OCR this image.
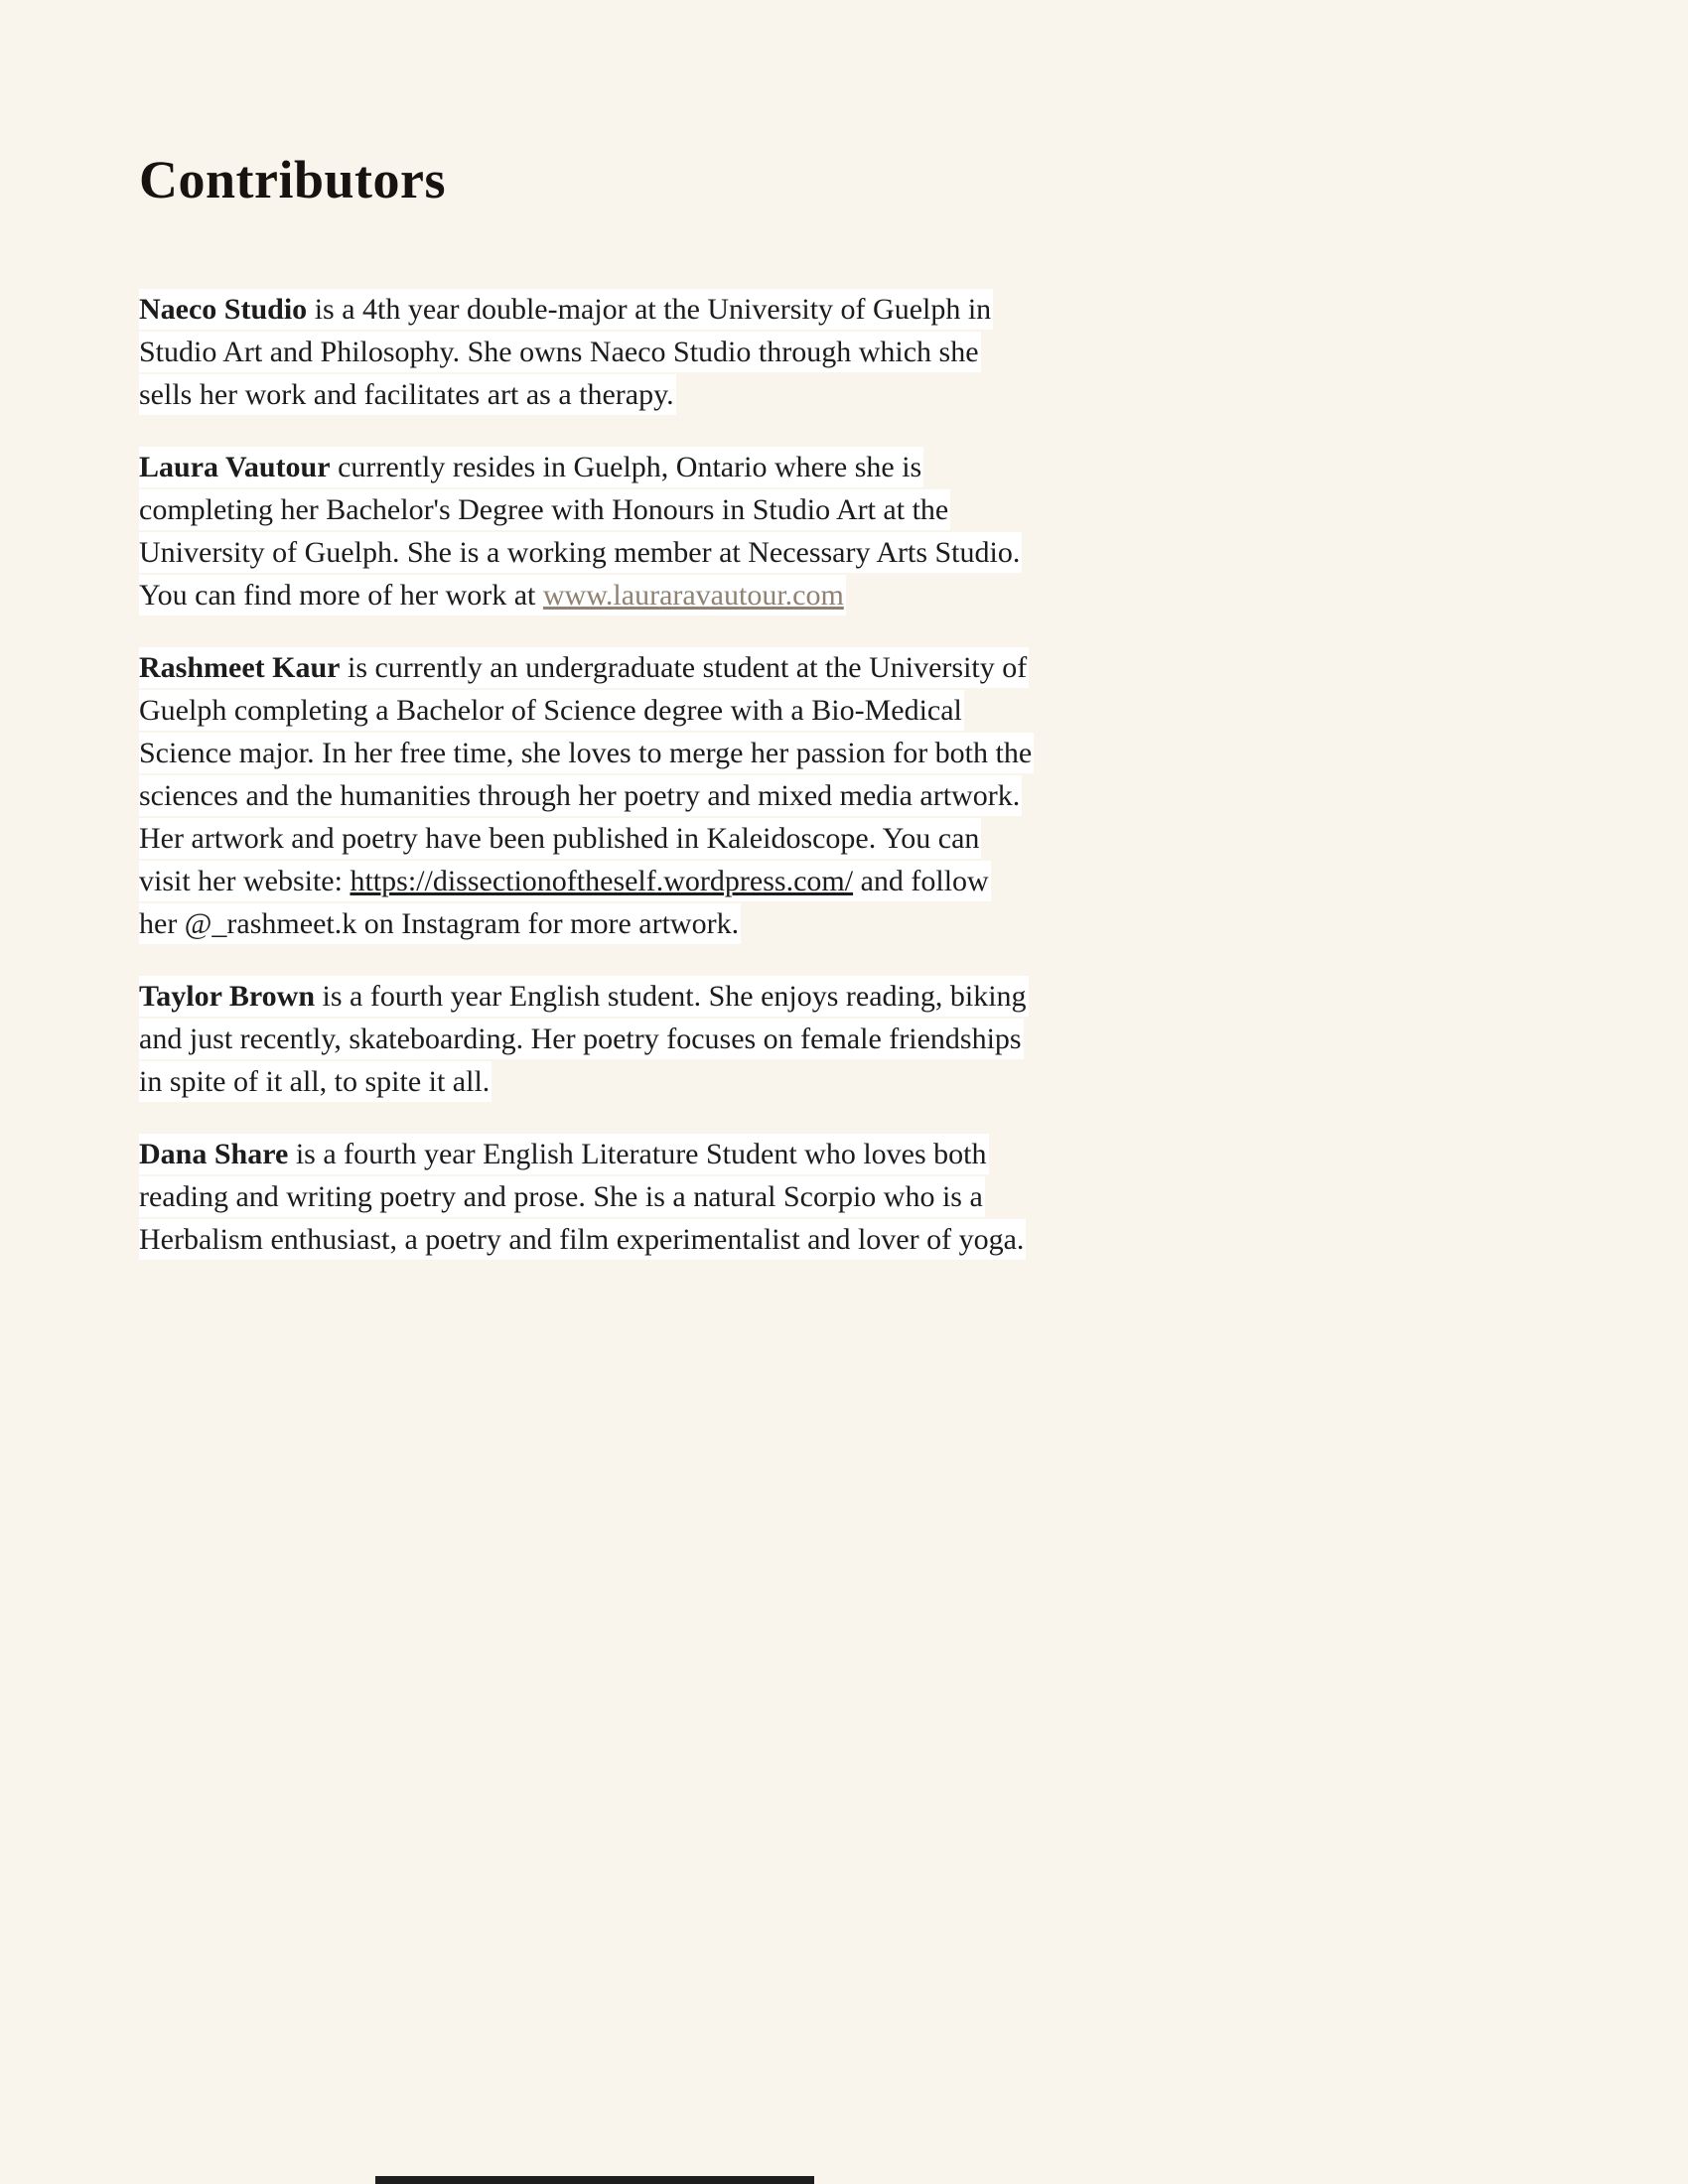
Contributors

Naeco Studio is a 4th year double-major at the University of Guelph in Studio Art and Philosophy. She owns Naeco Studio through which she sells her work and facilitates art as a therapy.

Laura Vautour currently resides in Guelph, Ontario where she is completing her Bachelor's Degree with Honours in Studio Art at the University of Guelph. She is a working member at Necessary Arts Studio. You can find more of her work at www.lauraravautour.com

Rashmeet Kaur is currently an undergraduate student at the University of Guelph completing a Bachelor of Science degree with a Bio-Medical Science major. In her free time, she loves to merge her passion for both the sciences and the humanities through her poetry and mixed media artwork. Her artwork and poetry have been published in Kaleidoscope. You can visit her website: https://dissectionoftheself.wordpress.com/ and follow her @_rashmeet.k on Instagram for more artwork.

Taylor Brown is a fourth year English student. She enjoys reading, biking and just recently, skateboarding. Her poetry focuses on female friendships in spite of it all, to spite it all.

Dana Share is a fourth year English Literature Student who loves both reading and writing poetry and prose. She is a natural Scorpio who is a Herbalism enthusiast, a poetry and film experimentalist and lover of yoga.
